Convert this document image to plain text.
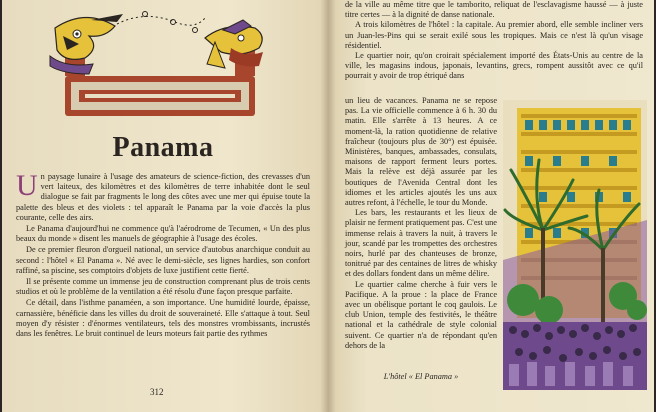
Panama

Un paysage lunaire à l'usage des amateurs de science-fiction, des crevasses d'un vert laiteux, des kilomètres et des kilomètres de terre inhabitée dont le seul dialogue se fait par fragments le long des côtes avec une mer qui épuise toute la palette des bleus et des violets : tel apparaît le Panama par la voie d'accès la plus courante, celle des airs.

Le Panama d'aujourd'hui ne commence qu'à l'aérodrome de Tecumen, « Un des plus beaux du monde » disent les manuels de géographie à l'usage des écoles.

De ce premier fleuron d'orgueil national, un service d'autobus anarchique conduit au second : l'hôtel « El Panama ». Né avec le demi-siècle, ses lignes hardies, son confort raffiné, sa piscine, ses comptoirs d'objets de luxe justifient cette fierté.

Il se présente comme un immense jeu de construction comprenant plus de trois cents studios et où le problème de la ventilation a été résolu d'une façon presque parfaite.

Ce détail, dans l'isthme panaméen, a son importance. Une humidité lourde, épaisse, carnassière, bénéficie dans les villes du droit de souveraineté. Elle s'attaque à tout. Seul moyen d'y résister : d'énormes ventilateurs, tels des monstres vrombissants, incrustés dans les fenêtres. Le bruit continuel de leurs moteurs fait partie des rythmes

312

de la ville au même titre que le tamborito, reliquat de l'esclavagisme haussé — à juste titre certes — à la dignité de danse nationale.

A trois kilomètres de l'hôtel : la capitale. Au premier abord, elle semble incliner vers un Juan-les-Pins qui se serait exilé sous les tropiques. Mais ce n'est là qu'un visage résidentiel.

Le quartier noir, qu'on croirait spécialement importé des États-Unis au centre de la ville, les magasins indous, japonais, levantins, grecs, rompent aussitôt avec ce qu'il pourrait y avoir de trop étriqué dans

un lieu de vacances. Panama ne se repose pas. La vie officielle commence à 6 h. 30 du matin. Elle s'arrête à 13 heures. A ce moment-là, la ration quotidienne de relative fraîcheur (toujours plus de 30°) est épuisée. Ministères, banques, ambassades, consulats, maisons de rapport ferment leurs portes. Mais la relève est déjà assurée par les boutiques de l'Avenida Central dont les idiomes et les articles ajoutés les uns aux autres refont, à l'échelle, le tour du Monde.

Les bars, les restaurants et les lieux de plaisir ne ferment pratiquement pas. C'est une immense relais à travers la nuit, à travers le jour, scandé par les trompettes des orchestres noirs, hurlé par des chanteuses de bronze, tonitrué par des centaines de litres de whisky et des dollars fondent dans un même délire.

Le quartier calme cherche à fuir vers le Pacifique. A la proue : la place de France avec un obélisque portant le coq gaulois. Le club Union, temple des festivités, le théâtre national et la cathédrale de style colonial suivent. Ce quartier n'a de répondant qu'en dehors de la

L'hôtel « El Panama »
